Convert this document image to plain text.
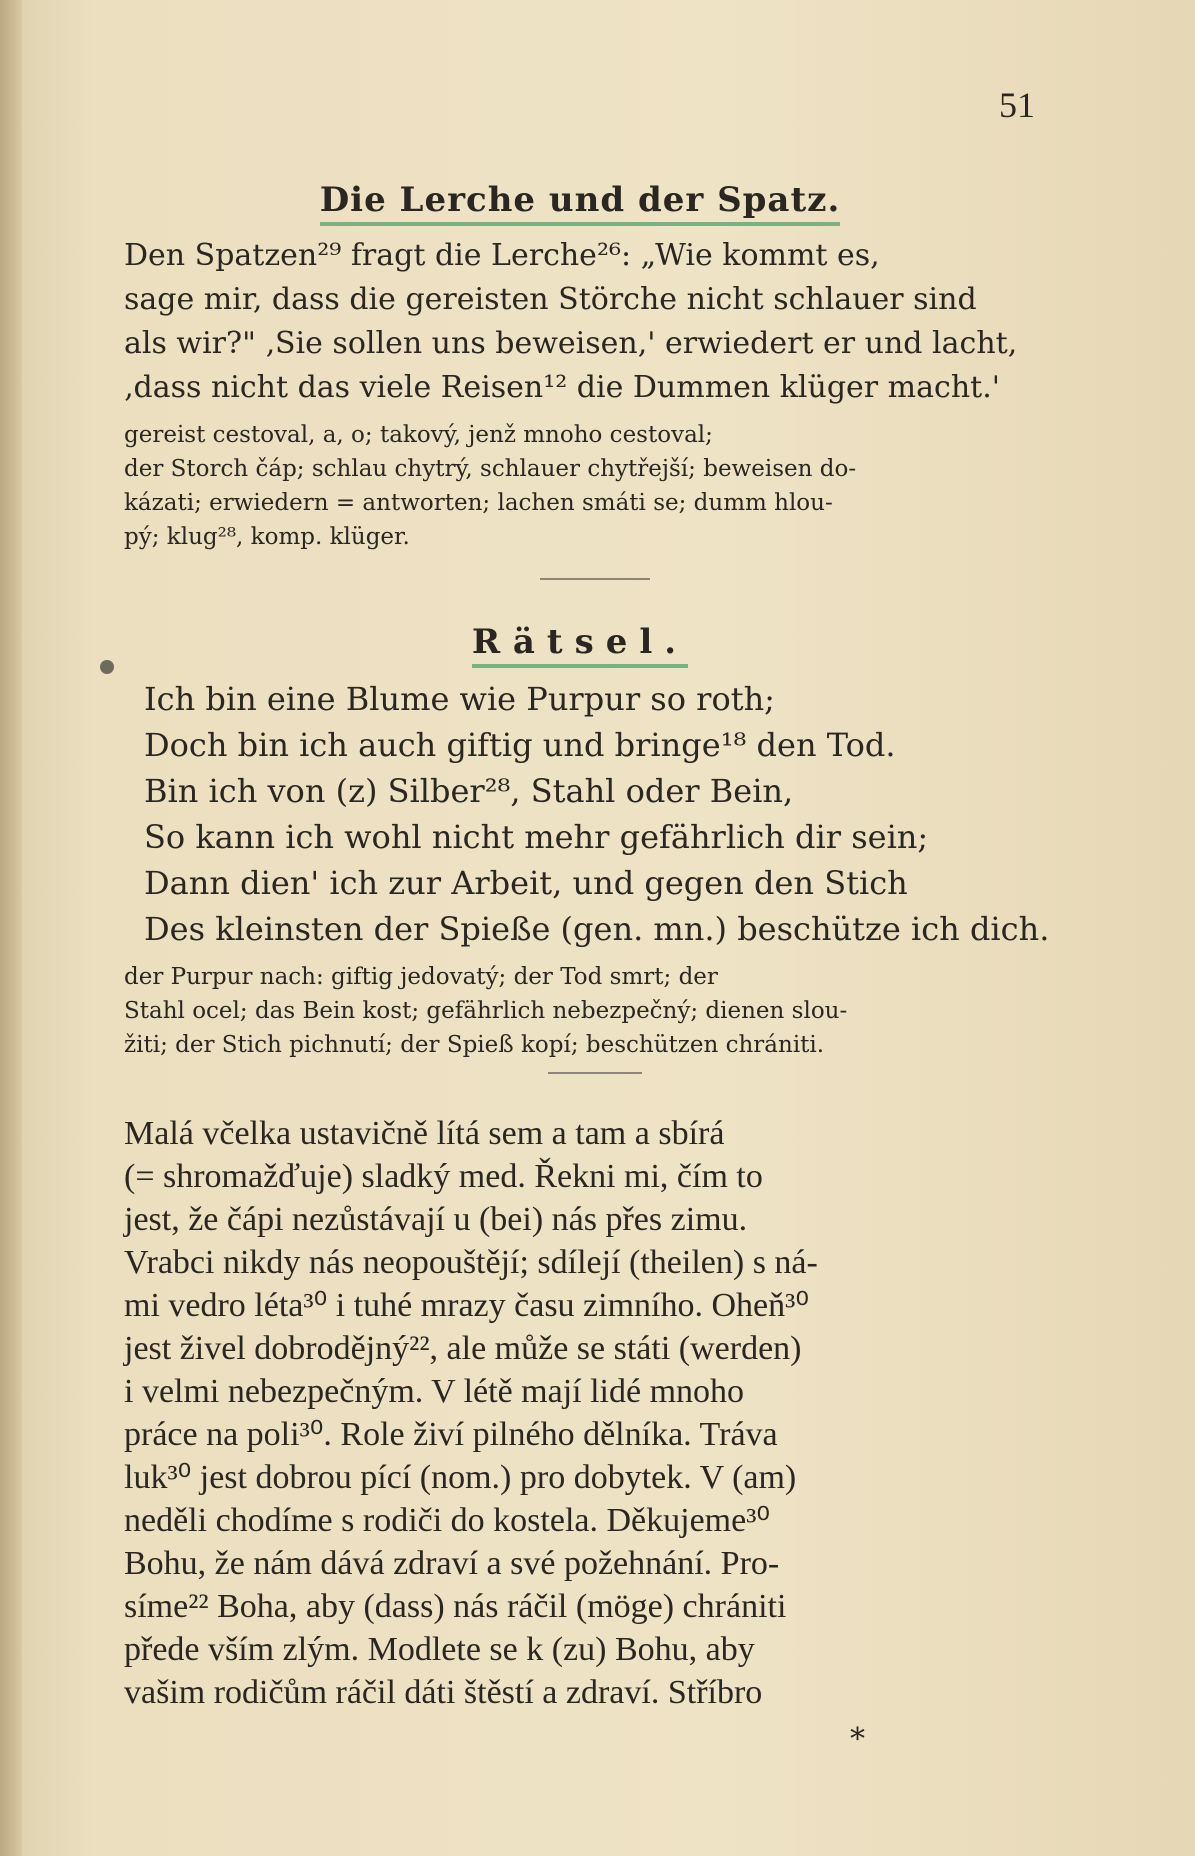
51
Die Lerche und der Spatz.
Den Spatzen²⁹ fragt die Lerche²⁶: „Wie kommt es,
sage mir, dass die gereisten Störche nicht schlauer sind
als wir?" ‚Sie sollen uns beweisen,' erwiedert er und lacht,
‚dass nicht das viele Reisen¹² die Dummen klüger macht.'
gereist cestoval, a, o; takový, jenž mnoho cestoval;
der Storch čáp; schlau chytrý, schlauer chytřejší; beweisen do-
kázati; erwiedern = antworten; lachen smáti se; dumm hlou-
pý; klug²⁸, komp. klüger.
Rätsel.
Ich bin eine Blume wie Purpur so roth;
Doch bin ich auch giftig und bringe¹⁸ den Tod.
Bin ich von (z) Silber²⁸, Stahl oder Bein,
So kann ich wohl nicht mehr gefährlich dir sein;
Dann dien' ich zur Arbeit, und gegen den Stich
Des kleinsten der Spieße (gen. mn.) beschütze ich dich.
der Purpur nach: giftig jedovatý; der Tod smrt; der
Stahl ocel; das Bein kost; gefährlich nebezpečný; dienen slou-
žiti; der Stich pichnutí; der Spieß kopí; beschützen chrániti.
Malá včelka ustavičně lítá sem a tam a sbírá
(= shromažďuje) sladký med. Řekni mi, čím to
jest, že čápi nezůstávají u (bei) nás přes zimu.
Vrabci nikdy nás neopouštějí; sdílejí (theilen) s ná-
mi vedro léta³⁰ i tuhé mrazy času zimního. Oheň³⁰
jest živel dobrodějný²², ale může se státi (werden)
i velmi nebezpečným. V létě mají lidé mnoho
práce na poli³⁰. Role živí pilného dělníka. Tráva
luk³⁰ jest dobrou pící (nom.) pro dobytek. V (am)
neděli chodíme s rodiči do kostela. Děkujeme³⁰
Bohu, že nám dává zdraví a své požehnání. Pro-
síme²² Boha, aby (dass) nás ráčil (möge) chrániti
přede vším zlým. Modlete se k (zu) Bohu, aby
vašim rodičům ráčil dáti štěstí a zdraví. Stříbro
*
